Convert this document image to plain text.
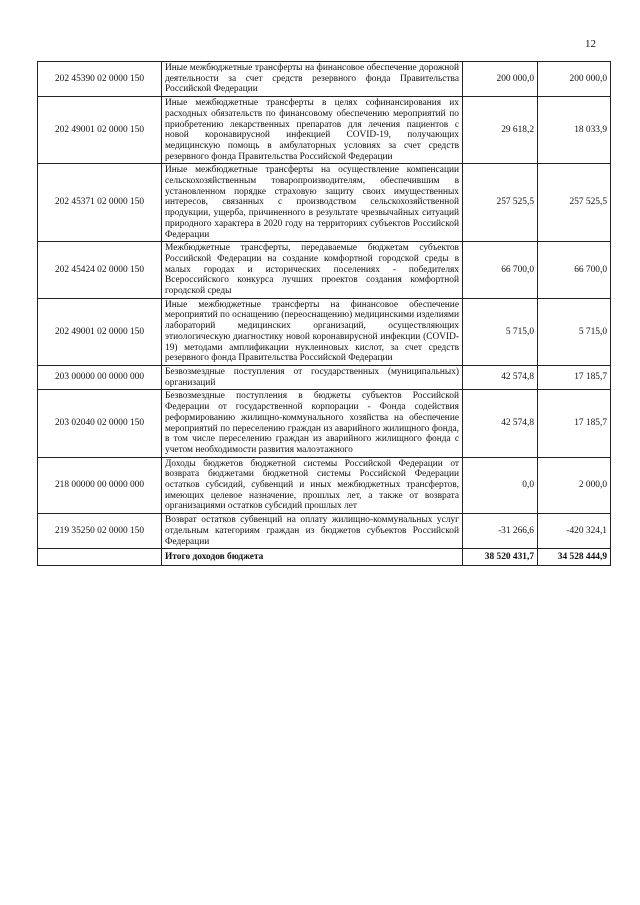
12
202 45390 02 0000 150	Иные межбюджетные трансферты на финансовое обеспечение дорожной деятельности за счет средств резервного фонда Правительства Российской Федерации	200 000,0	200 000,0
202 49001 02 0000 150	Иные межбюджетные трансферты в целях софинансирования их расходных обязательств по финансовому обеспечению мероприятий по приобретению лекарственных препаратов для лечения пациентов с новой коронавирусной инфекцией COVID-19, получающих медицинскую помощь в амбулаторных условиях за счет средств резервного фонда Правительства Российской Федерации	29 618,2	18 033,9
202 45371 02 0000 150	Иные межбюджетные трансферты на осуществление компенсации сельскохозяйственным товаропроизводителям, обеспечившим в установленном порядке страховую защиту своих имущественных интересов, связанных с производством сельскохозяйственной продукции, ущерба, причиненного в результате чрезвычайных ситуаций природного характера в 2020 году на территориях субъектов Российской Федерации	257 525,5	257 525,5
202 45424 02 0000 150	Межбюджетные трансферты, передаваемые бюджетам субъектов Российской Федерации на создание комфортной городской среды в малых городах и исторических поселениях - победителях Всероссийского конкурса лучших проектов создания комфортной городской среды	66 700,0	66 700,0
202 49001 02 0000 150	Иные межбюджетные трансферты на финансовое обеспечение мероприятий по оснащению (переоснащению) медицинскими изделиями лабораторий медицинских организаций, осуществляющих этиологическую диагностику новой коронавирусной инфекции (COVID-19) методами амплификации нуклеиновых кислот, за счет средств резервного фонда Правительства Российской Федерации	5 715,0	5 715,0
203 00000 00 0000 000	Безвозмездные поступления от государственных (муниципальных) организаций	42 574,8	17 185,7
203 02040 02 0000 150	Безвозмездные поступления в бюджеты субъектов Российской Федерации от государственной корпорации - Фонда содействия реформированию жилищно-коммунального хозяйства на обеспечение мероприятий по переселению граждан из аварийного жилищного фонда, в том числе переселению граждан из аварийного жилищного фонда с учетом необходимости развития малоэтажного	42 574,8	17 185,7
218 00000 00 0000 000	Доходы бюджетов бюджетной системы Российской Федерации от возврата бюджетами бюджетной системы Российской Федерации остатков субсидий, субвенций и иных межбюджетных трансфертов, имеющих целевое назначение, прошлых лет, а также от возврата организациями остатков субсидий прошлых лет	0,0	2 000,0
219 35250 02 0000 150	Возврат остатков субвенций на оплату жилищно-коммунальных услуг отдельным категориям граждан из бюджетов субъектов Российской Федерации	-31 266,6	-420 324,1
	Итого доходов бюджета	38 520 431,7	34 528 444,9
